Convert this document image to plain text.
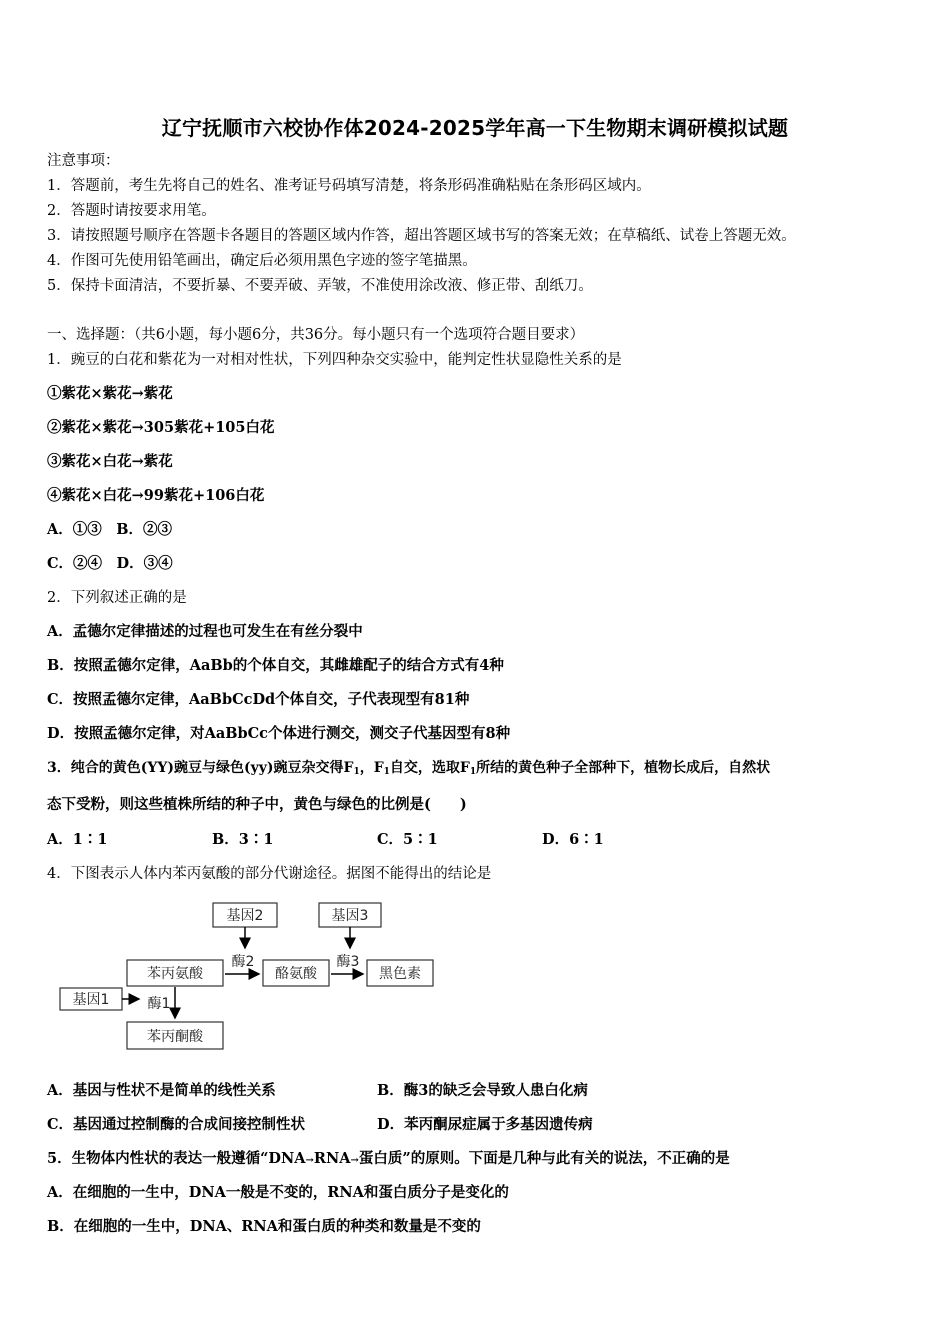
辽宁抚顺市六校协作体2024-2025学年高一下生物期末调研模拟试题
注意事项：
1．答题前，考生先将自己的姓名、准考证号码填写清楚，将条形码准确粘贴在条形码区域内。
2．答题时请按要求用笔。
3．请按照题号顺序在答题卡各题目的答题区域内作答，超出答题区域书写的答案无效；在草稿纸、试卷上答题无效。
4．作图可先使用铅笔画出，确定后必须用黑色字迹的签字笔描黑。
5．保持卡面清洁，不要折暴、不要弄破、弄皱，不准使用涂改液、修正带、刮纸刀。
一、选择题：（共6小题，每小题6分，共36分。每小题只有一个选项符合题目要求）
1．豌豆的白花和紫花为一对相对性状，下列四种杂交实验中，能判定性状显隐性关系的是
①紫花×紫花→紫花
②紫花×紫花→305紫花+105白花
③紫花×白花→紫花
④紫花×白花→99紫花+106白花
A．①③　B．②③
C．②④　D．③④
2．下列叙述正确的是
A．孟德尔定律描述的过程也可发生在有丝分裂中
B．按照孟德尔定律，AaBb的个体自交，其雌雄配子的结合方式有4种
C．按照孟德尔定律，AaBbCcDd个体自交，子代表现型有81种
D．按照孟德尔定律，对AaBbCc个体进行测交，测交子代基因型有8种
3．纯合的黄色(YY)豌豆与绿色(yy)豌豆杂交得$F_1$，$F_1$自交，选取$F_1$所结的黄色种子全部种下，植物长成后，自然状
态下受粉，则这些植株所结的种子中，黄色与绿色的比例是(　　)
A．1∶1	B．3∶1	C．5∶1	D．6∶1
4．下图表示人体内苯丙氨酸的部分代谢途径。据图不能得出的结论是
基因2	基因3
苯丙氨酸	酪氨酸	黑色素
基因1
苯丙酮酸
酶2	酶3
酶1
A．基因与性状不是简单的线性关系	B．酶3的缺乏会导致人患白化病
C．基因通过控制酶的合成间接控制性状	D．苯丙酮尿症属于多基因遗传病
5．生物体内性状的表达一般遵循“DNA→RNA→蛋白质”的原则。下面是几种与此有关的说法，不正确的是
A．在细胞的一生中，DNA一般是不变的，RNA和蛋白质分子是变化的
B．在细胞的一生中，DNA、RNA和蛋白质的种类和数量是不变的
